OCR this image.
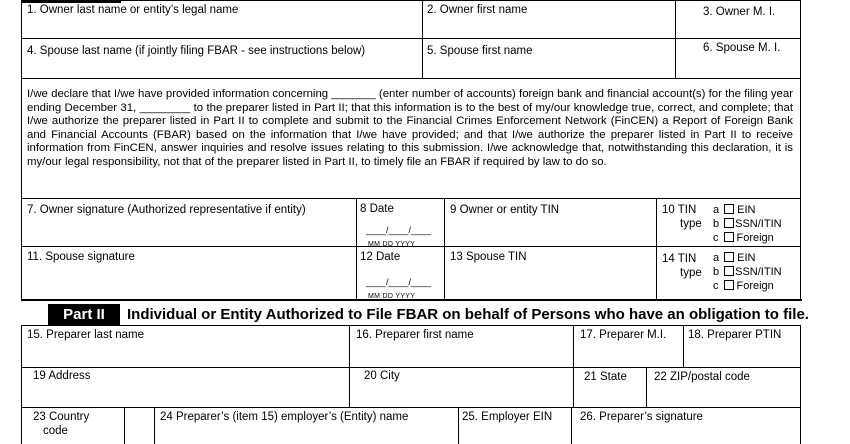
1. Owner last name or entity’s legal name	2. Owner first name	3. Owner M. I.
4. Spouse last name (if jointly filing FBAR - see instructions below)	5. Spouse first name	6. Spouse M. I.
I/we declare that I/we have provided information concerning _______ (enter number of accounts) foreign bank and financial account(s) for the filing year ending December 31, ________ to the preparer listed in Part II; that this information is to the best of my/our knowledge true, correct, and complete; that I/we authorize the preparer listed in Part II to complete and submit to the Financial Crimes Enforcement Network (FinCEN) a Report of Foreign Bank and Financial Accounts (FBAR) based on the information that I/we have provided; and that I/we authorize the preparer listed in Part II to receive information from FinCEN, answer inquiries and resolve issues relating to this submission. I/we acknowledge that, notwithstanding this declaration, it is my/our legal responsibility, not that of the preparer listed in Part II, to timely file an FBAR if required by law to do so.
7. Owner signature (Authorized representative if entity)	8 Date
____/____/____
MM DD YYYY
9 Owner or entity TIN	10 TIN
type
a EIN
b SSN/ITIN
c Foreign
11. Spouse signature	12 Date
____/____/____
MM DD YYYY
13 Spouse TIN	14 TIN
type
a EIN
b SSN/ITIN
c Foreign
Part II	Individual or Entity Authorized to File FBAR on behalf of Persons who have an obligation to file.
15. Preparer last name	16. Preparer first name	17. Preparer M.I. 18. Preparer PTIN
19 Address	20 City	21 State 22 ZIP/postal code
23 Country
code
24 Preparer’s (item 15) employer’s (Entity) name	25. Employer EIN 26. Preparer’s signature
